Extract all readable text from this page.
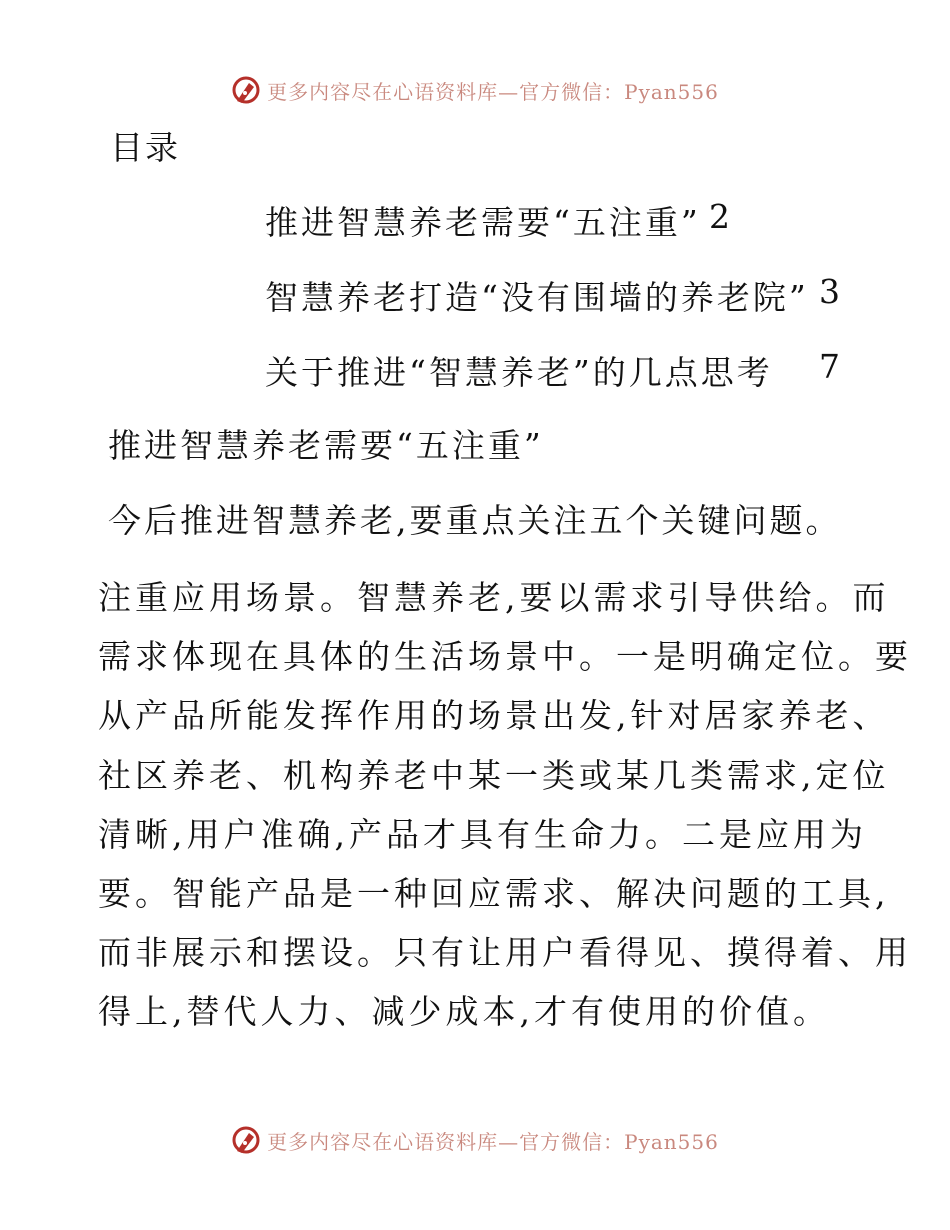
更多内容尽在心语资料库—官方微信：Pyan556
目录
推进智慧养老需要“五注重” 2
智慧养老打造“没有围墙的养老院” 3
关于推进“智慧养老”的几点思考 7
推进智慧养老需要“五注重”
今后推进智慧养老,要重点关注五个关键问题。
注重应用场景。智慧养老,要以需求引导供给。而
需求体现在具体的生活场景中。一是明确定位。要
从产品所能发挥作用的场景出发,针对居家养老、
社区养老、机构养老中某一类或某几类需求,定位
清晰,用户准确,产品才具有生命力。二是应用为
要。智能产品是一种回应需求、解决问题的工具,
而非展示和摆设。只有让用户看得见、摸得着、用
得上,替代人力、减少成本,才有使用的价值。
更多内容尽在心语资料库—官方微信：Pyan556
